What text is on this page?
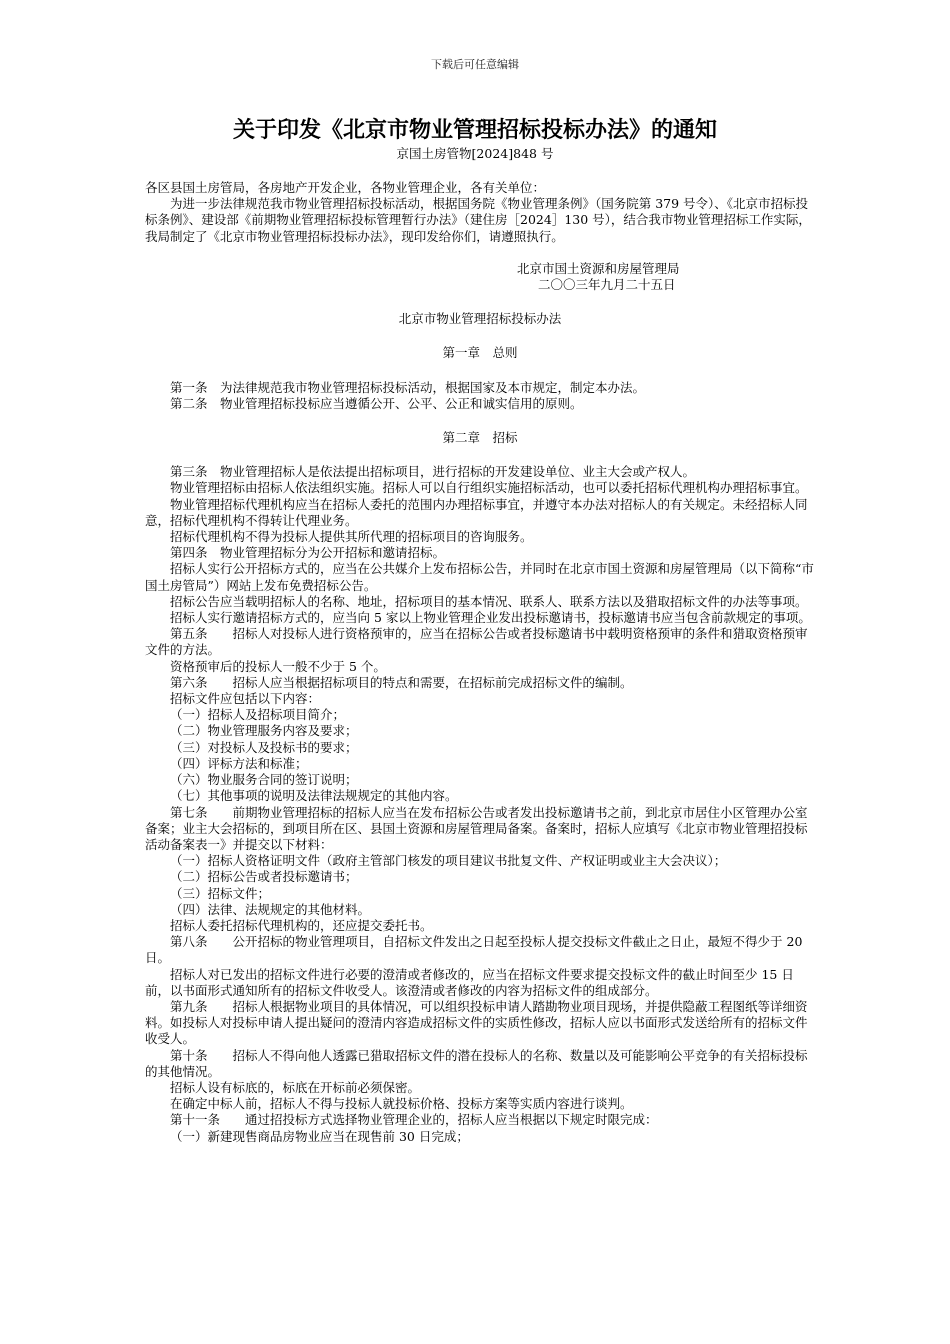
下载后可任意编辑
关于印发《北京市物业管理招标投标办法》的通知
京国土房管物[2024]848 号

各区县国土房管局，各房地产开发企业，各物业管理企业，各有关单位：

为进一步法律规范我市物业管理招标投标活动，根据国务院《物业管理条例》（国务院第 379 号令）、《北京市招标投标条例》、建设部《前期物业管理招标投标管理暂行办法》（建住房［2024］130 号），结合我市物业管理招标工作实际，我局制定了《北京市物业管理招标投标办法》，现印发给你们，请遵照执行。

北京市国土资源和房屋管理局

二〇〇三年九月二十五日

北京市物业管理招标投标办法

第一章　总则

第一条 为法律规范我市物业管理招标投标活动，根据国家及本市规定，制定本办法。

第二条 物业管理招标投标应当遵循公开、公平、公正和诚实信用的原则。

第二章　招标

第三条 物业管理招标人是依法提出招标项目，进行招标的开发建设单位、业主大会或产权人。

物业管理招标由招标人依法组织实施。招标人可以自行组织实施招标活动，也可以委托招标代理机构办理招标事宜。

物业管理招标代理机构应当在招标人委托的范围内办理招标事宜，并遵守本办法对招标人的有关规定。未经招标人同意，招标代理机构不得转让代理业务。

招标代理机构不得为投标人提供其所代理的招标项目的咨询服务。

第四条 物业管理招标分为公开招标和邀请招标。

招标人实行公开招标方式的，应当在公共媒介上发布招标公告，并同时在北京市国土资源和房屋管理局（以下简称“市国土房管局”）网站上发布免费招标公告。

招标公告应当载明招标人的名称、地址，招标项目的基本情况、联系人、联系方法以及猎取招标文件的办法等事项。

招标人实行邀请招标方式的，应当向 5 家以上物业管理企业发出投标邀请书，投标邀请书应当包含前款规定的事项。

第五条 招标人对投标人进行资格预审的，应当在招标公告或者投标邀请书中载明资格预审的条件和猎取资格预审文件的方法。

资格预审后的投标人一般不少于 5 个。

第六条 招标人应当根据招标项目的特点和需要，在招标前完成招标文件的编制。

招标文件应包括以下内容：

（一）招标人及招标项目简介；

（二）物业管理服务内容及要求；

（三）对投标人及投标书的要求；

（四）评标方法和标准；

（六）物业服务合同的签订说明；

（七）其他事项的说明及法律法规规定的其他内容。

第七条 前期物业管理招标的招标人应当在发布招标公告或者发出投标邀请书之前，到北京市居住小区管理办公室备案；业主大会招标的，到项目所在区、县国土资源和房屋管理局备案。备案时，招标人应填写《北京市物业管理招投标活动备案表一》并提交以下材料：

（一）招标人资格证明文件（政府主管部门核发的项目建议书批复文件、产权证明或业主大会决议）；

（二）招标公告或者投标邀请书；

（三）招标文件；

（四）法律、法规规定的其他材料。

招标人委托招标代理机构的，还应提交委托书。

第八条 公开招标的物业管理项目，自招标文件发出之日起至投标人提交投标文件截止之日止，最短不得少于 20 日。

招标人对已发出的招标文件进行必要的澄清或者修改的，应当在招标文件要求提交投标文件的截止时间至少 15 日前，以书面形式通知所有的招标文件收受人。该澄清或者修改的内容为招标文件的组成部分。

第九条 招标人根据物业项目的具体情况，可以组织投标申请人踏勘物业项目现场，并提供隐蔽工程图纸等详细资料。如投标人对投标申请人提出疑问的澄清内容造成招标文件的实质性修改，招标人应以书面形式发送给所有的招标文件收受人。

第十条 招标人不得向他人透露已猎取招标文件的潜在投标人的名称、数量以及可能影响公平竞争的有关招标投标的其他情况。

招标人设有标底的，标底在开标前必须保密。

在确定中标人前，招标人不得与投标人就投标价格、投标方案等实质内容进行谈判。

第十一条 通过招投标方式选择物业管理企业的，招标人应当根据以下规定时限完成：

（一）新建现售商品房物业应当在现售前 30 日完成；
